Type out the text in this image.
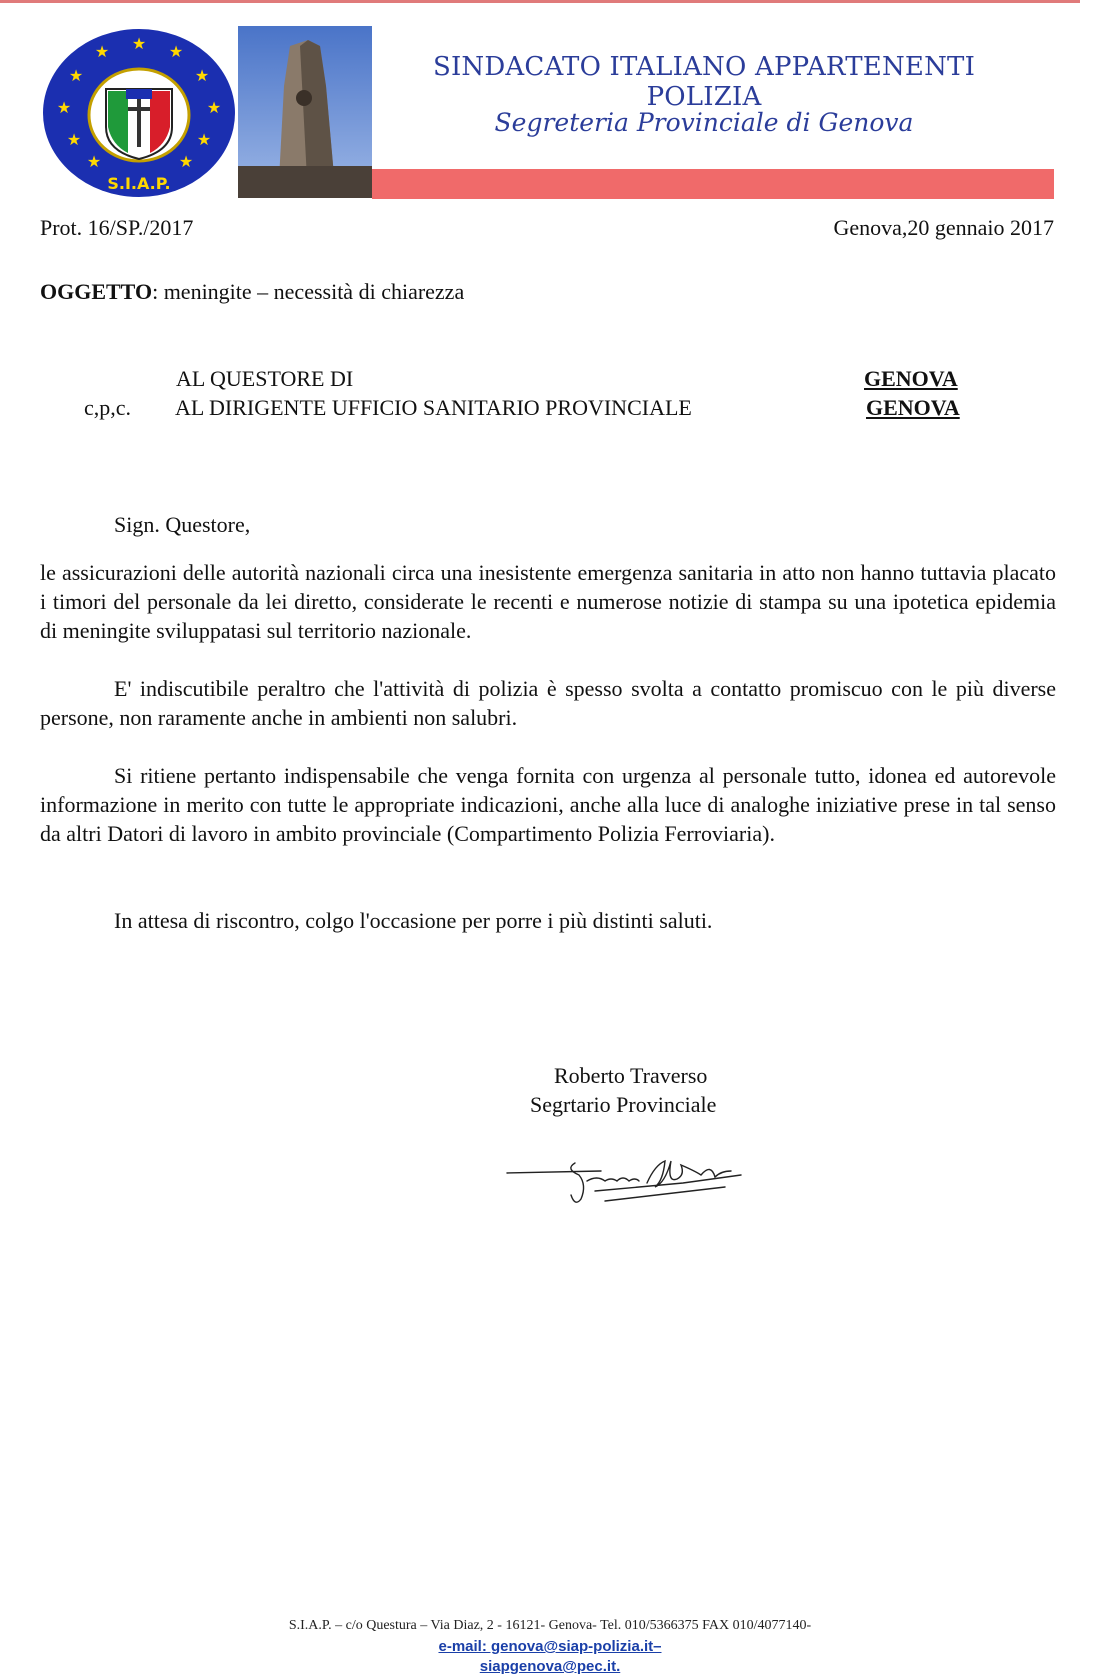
★
★	★
★	★
★	★
★	★
★	★
S.I.A.P.
SINDACATO ITALIANO APPARTENENTI POLIZIA
Segreteria Provinciale di Genova
Prot. 16/SP./2017	Genova,20 gennaio 2017
OGGETTO: meningite – necessità di chiarezza
AL QUESTORE DI	GENOVA
c,p,c. AL DIRIGENTE UFFICIO SANITARIO PROVINCIALE	GENOVA
Sign. Questore,
le assicurazioni delle autorità nazionali circa una inesistente emergenza sanitaria in atto non hanno tuttavia placato i timori del personale da lei diretto, considerate le recenti e numerose notizie di stampa su una ipotetica epidemia di meningite sviluppatasi sul territorio nazionale.
E' indiscutibile peraltro che l'attività di polizia è spesso svolta a contatto promiscuo con le più diverse persone, non raramente anche in ambienti non salubri.
Si ritiene pertanto indispensabile che venga fornita con urgenza al personale tutto, idonea ed autorevole informazione in merito con tutte le appropriate indicazioni, anche alla luce di analoghe iniziative prese in tal senso da altri Datori di lavoro in ambito provinciale (Compartimento Polizia Ferroviaria).
In attesa di riscontro, colgo l'occasione per porre i più distinti saluti.
Roberto Traverso
Segrtario Provinciale
S.I.A.P. – c/o Questura – Via Diaz, 2 - 16121- Genova- Tel. 010/5366375 FAX 010/4077140-
e-mail: genova@siap-polizia.it–
siapgenova@pec.it.
